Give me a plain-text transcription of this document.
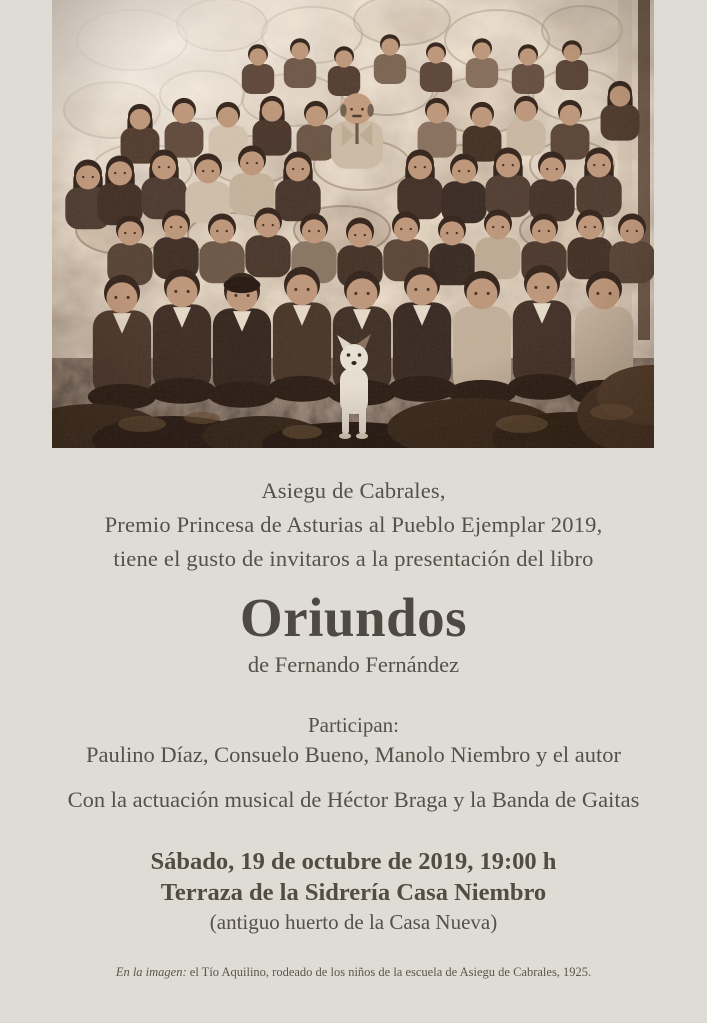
Asiegu de Cabrales,
Premio Princesa de Asturias al Pueblo Ejemplar 2019,
tiene el gusto de invitaros a la presentación del libro
Oriundos
de Fernando Fernández
Participan:
Paulino Díaz, Consuelo Bueno, Manolo Niembro y el autor
Con la actuación musical de Héctor Braga y la Banda de Gaitas
Sábado, 19 de octubre de 2019, 19:00 h
Terraza de la Sidrería Casa Niembro
(antiguo huerto de la Casa Nueva)
En la imagen: el Tío Aquilino, rodeado de los niños de la escuela de Asiegu de Cabrales, 1925.
